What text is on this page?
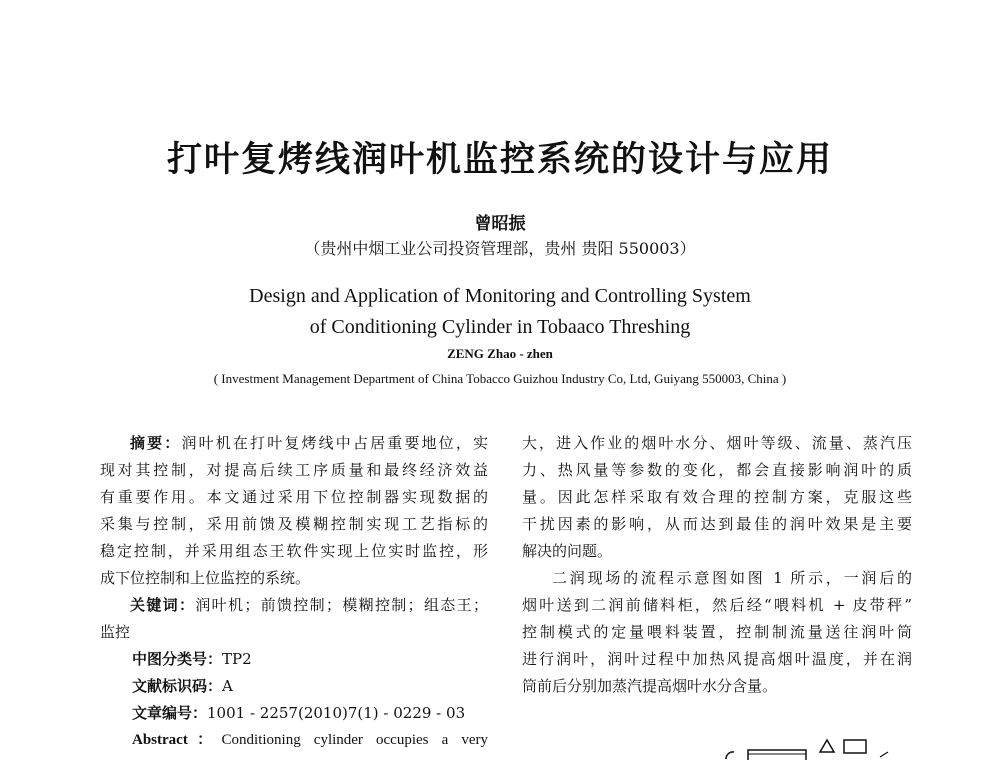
打叶复烤线润叶机监控系统的设计与应用
曾昭振
（贵州中烟工业公司投资管理部，贵州 贵阳 550003）
Design and Application of Monitoring and Controlling System
of Conditioning Cylinder in Tobaaco Threshing
ZENG Zhao - zhen
( Investment Management Department of China Tobacco Guizhou Industry Co, Ltd, Guiyang 550003, China )
摘要：润叶机在打叶复烤线中占居重要地位，实
现对其控制，对提高后续工序质量和最终经济效益
有重要作用。本文通过采用下位控制器实现数据的
采集与控制，采用前馈及模糊控制实现工艺指标的
稳定控制，并采用组态王软件实现上位实时监控，形
成下位控制和上位监控的系统。
关键词：润叶机；前馈控制；模糊控制；组态王；
监控
中图分类号：TP2
文献标识码：A
文章编号：1001 - 2257(2010)7(1) - 0229 - 03
Abstract：Conditioning cylinder occupies a very
大，进入作业的烟叶水分、烟叶等级、流量、蒸汽压
力、热风量等参数的变化，都会直接影响润叶的质
量。因此怎样采取有效合理的控制方案，克服这些
干扰因素的影响，从而达到最佳的润叶效果是主要
解决的问题。
二润现场的流程示意图如图 1 所示，一润后的
烟叶送到二润前储料柜，然后经“喂料机 + 皮带秤”
控制模式的定量喂料装置，控制制流量送往润叶筒
进行润叶，润叶过程中加热风提高烟叶温度，并在润
筒前后分别加蒸汽提高烟叶水分含量。
